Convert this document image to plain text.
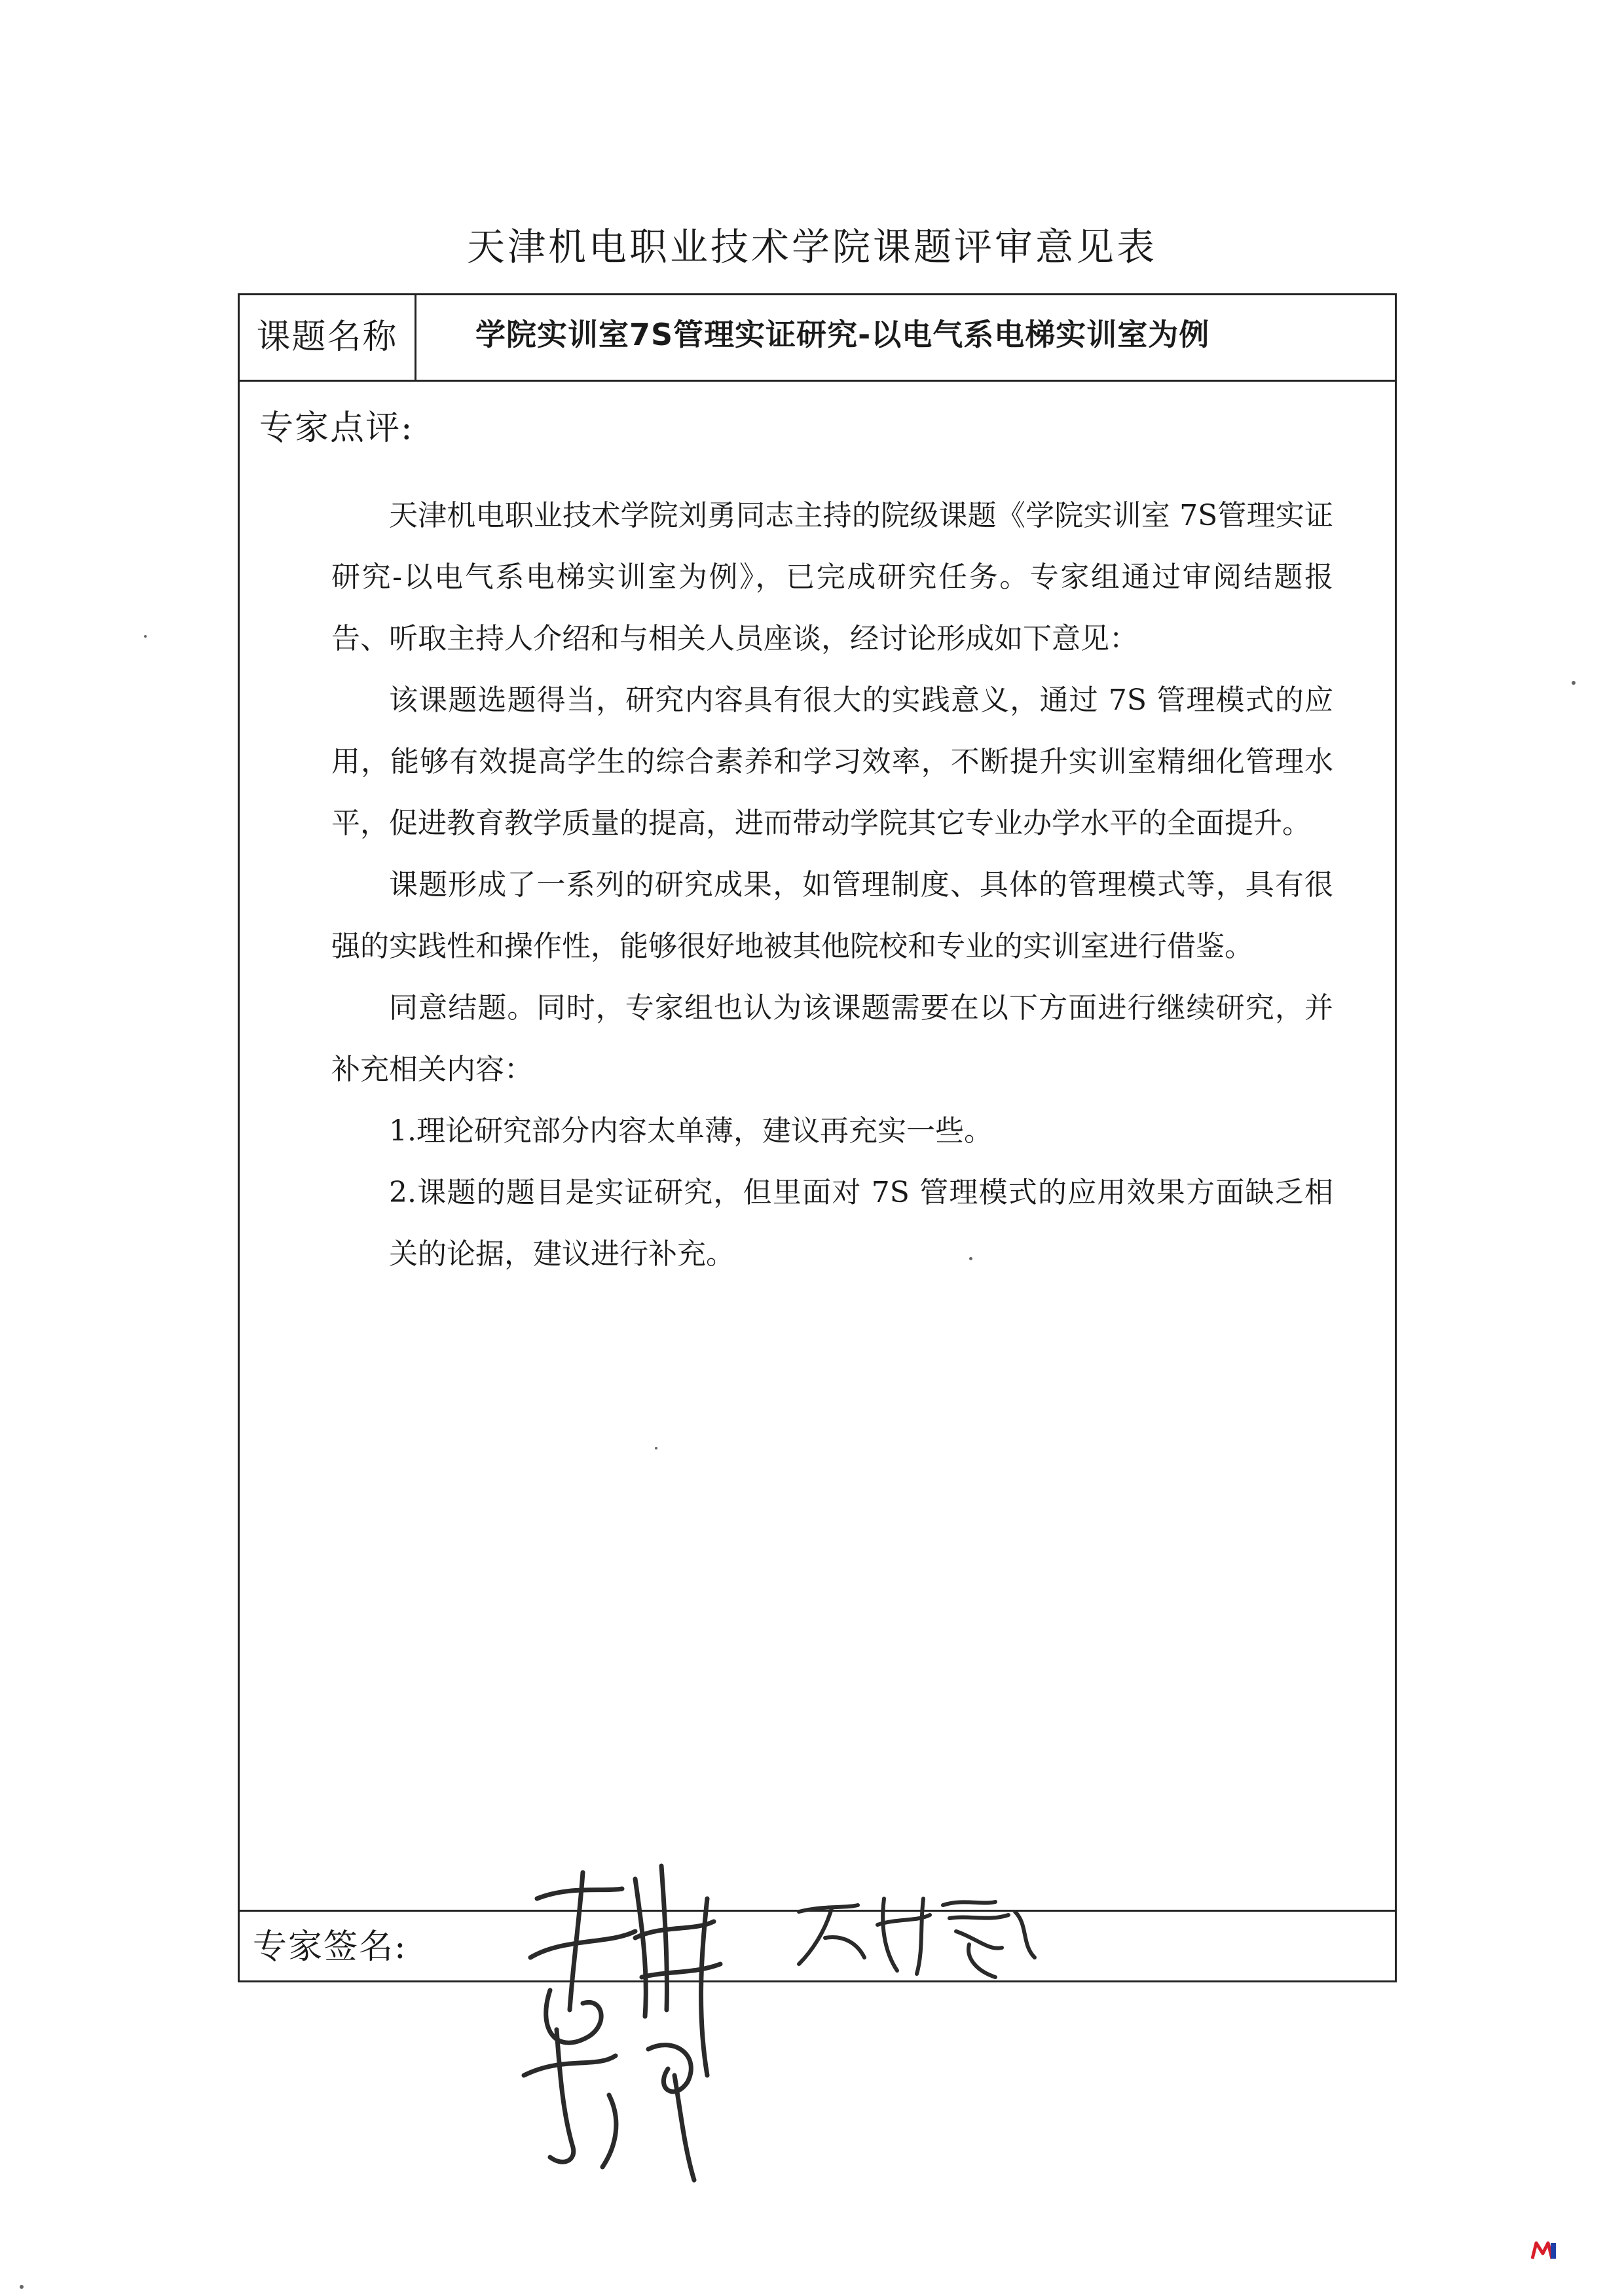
天津机电职业技术学院课题评审意见表
课题名称	学院实训室7S管理实证研究-以电气系电梯实训室为例
专家点评:

天津机电职业技术学院刘勇同志主持的院级课题《学院实训室 7S管理实证研究-以电气系电梯实训室为例》，已完成研究任务。专家组通过审阅结题报告、听取主持人介绍和与相关人员座谈，经讨论形成如下意见：

该课题选题得当，研究内容具有很大的实践意义，通过 7S 管理模式的应用，能够有效提高学生的综合素养和学习效率，不断提升实训室精细化管理水平，促进教育教学质量的提高，进而带动学院其它专业办学水平的全面提升。

课题形成了一系列的研究成果，如管理制度、具体的管理模式等，具有很强的实践性和操作性，能够很好地被其他院校和专业的实训室进行借鉴。

同意结题。同时，专家组也认为该课题需要在以下方面进行继续研究，并补充相关内容：

1.理论研究部分内容太单薄，建议再充实一些。

2.课题的题目是实证研究，但里面对 7S 管理模式的应用效果方面缺乏相关的论据，建议进行补充。

专家签名:
